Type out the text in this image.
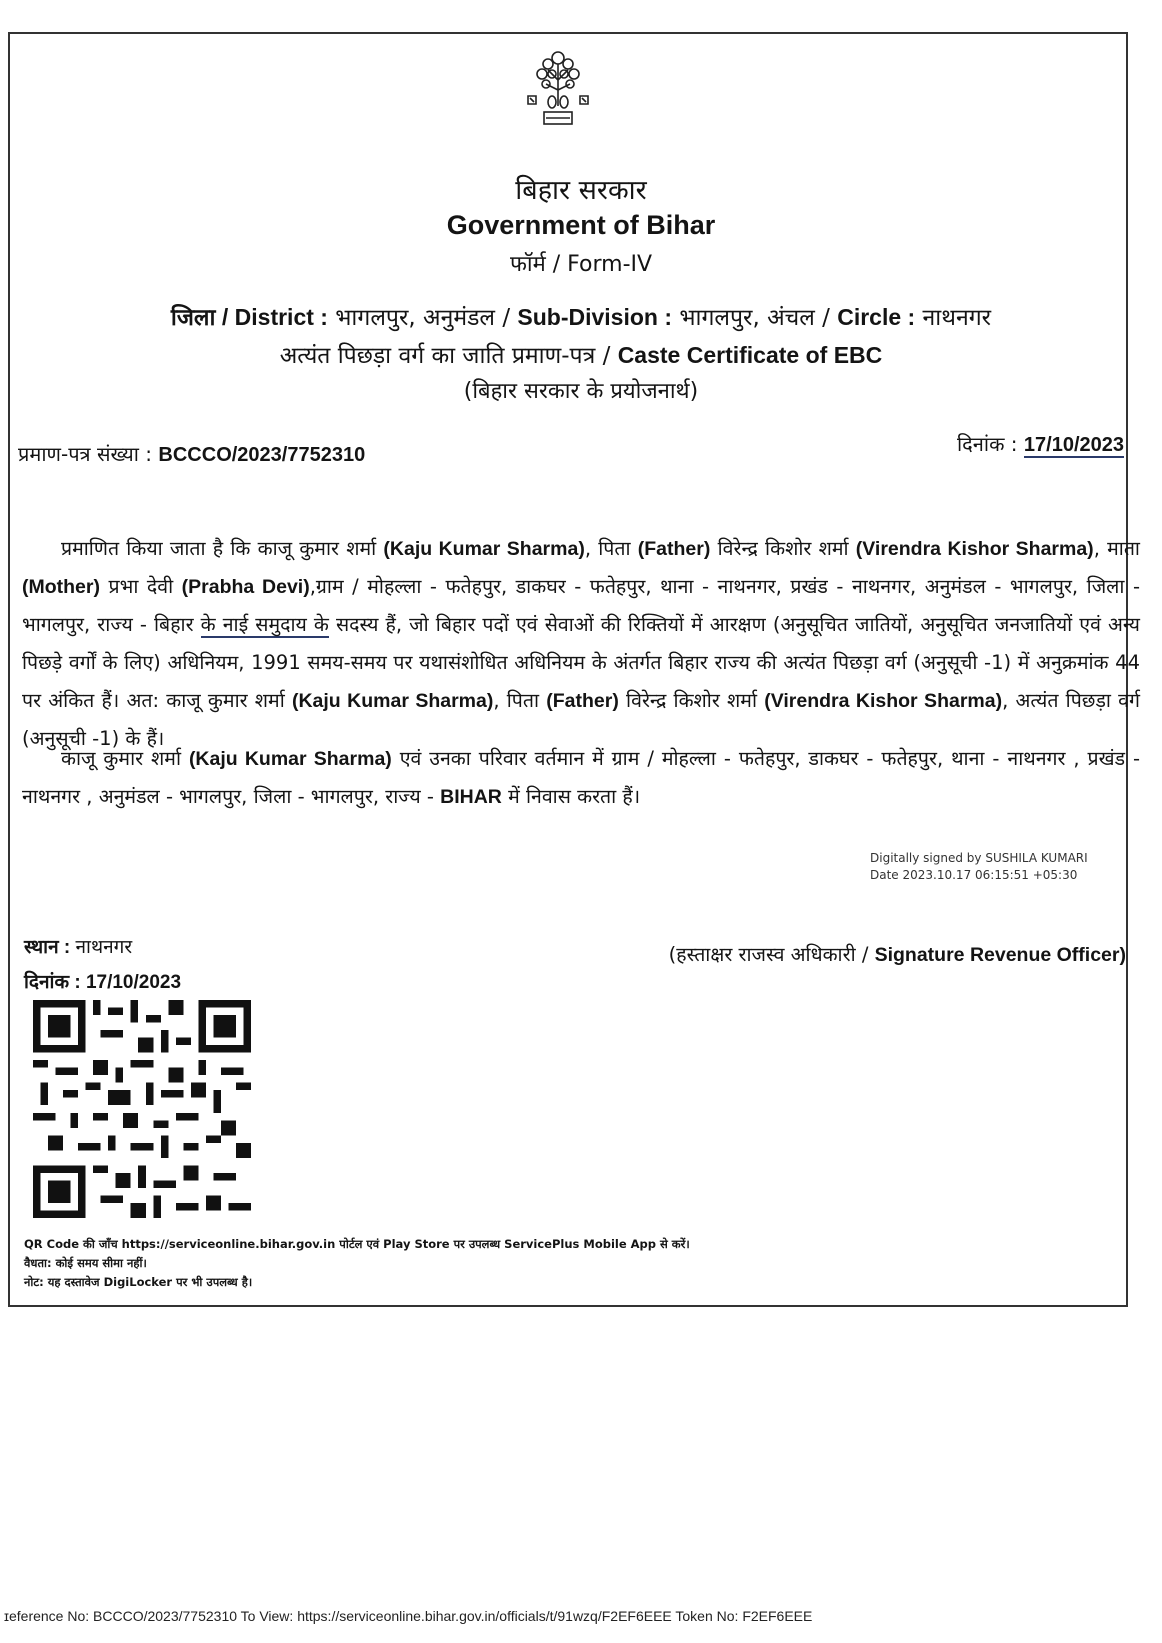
बिहार सरकार
Government of Bihar
फॉर्म / Form-IV
जिला / District : भागलपुर, अनुमंडल / Sub-Division : भागलपुर, अंचल / Circle : नाथनगर
अत्यंत पिछड़ा वर्ग का जाति प्रमाण-पत्र / Caste Certificate of EBC
(बिहार सरकार के प्रयोजनार्थ)
प्रमाण-पत्र संख्या : BCCCO/2023/7752310	दिनांक : 17/10/2023
  प्रमाणित किया जाता है कि काजू कुमार शर्मा (Kaju Kumar Sharma), पिता (Father) विरेन्द्र किशोर शर्मा (Virendra Kishor Sharma), माता (Mother) प्रभा देवी (Prabha Devi),ग्राम / मोहल्ला - फतेहपुर, डाकघर - फतेहपुर, थाना - नाथनगर, प्रखंड - नाथनगर, अनुमंडल - भागलपुर, जिला - भागलपुर, राज्य - बिहार के नाई समुदाय के सदस्य हैं, जो बिहार पदों एवं सेवाओं की रिक्तियों में आरक्षण (अनुसूचित जातियों, अनुसूचित जनजातियों एवं अन्य पिछड़े वर्गों के लिए) अधिनियम, 1991 समय-समय पर यथासंशोधित अधिनियम के अंतर्गत बिहार राज्य की अत्यंत पिछड़ा वर्ग (अनुसूची -1) में अनुक्रमांक 44 पर अंकित हैं। अत: काजू कुमार शर्मा (Kaju Kumar Sharma), पिता (Father) विरेन्द्र किशोर शर्मा (Virendra Kishor Sharma), अत्यंत पिछड़ा वर्ग (अनुसूची -1) के हैं।
  काजू कुमार शर्मा (Kaju Kumar Sharma) एवं उनका परिवार वर्तमान में ग्राम / मोहल्ला - फतेहपुर, डाकघर - फतेहपुर, थाना - नाथनगर , प्रखंड - नाथनगर , अनुमंडल - भागलपुर, जिला - भागलपुर, राज्य - BIHAR में निवास करता हैं।
Digitally signed by SUSHILA KUMARI
Date 2023.10.17 06:15:51 +05:30
स्थान : नाथनगर
दिनांक : 17/10/2023
(हस्ताक्षर राजस्व अधिकारी / Signature Revenue Officer)
QR Code की जाँच https://serviceonline.bihar.gov.in पोर्टल एवं Play Store पर उपलब्ध ServicePlus Mobile App से करें।
वैधता: कोई समय सीमा नहीं।
नोट: यह दस्तावेज DigiLocker पर भी उपलब्ध है।
ɪeference No: BCCCO/2023/7752310 To View: https://serviceonline.bihar.gov.in/officials/t/91wzq/F2EF6EEE Token No: F2EF6EEE
